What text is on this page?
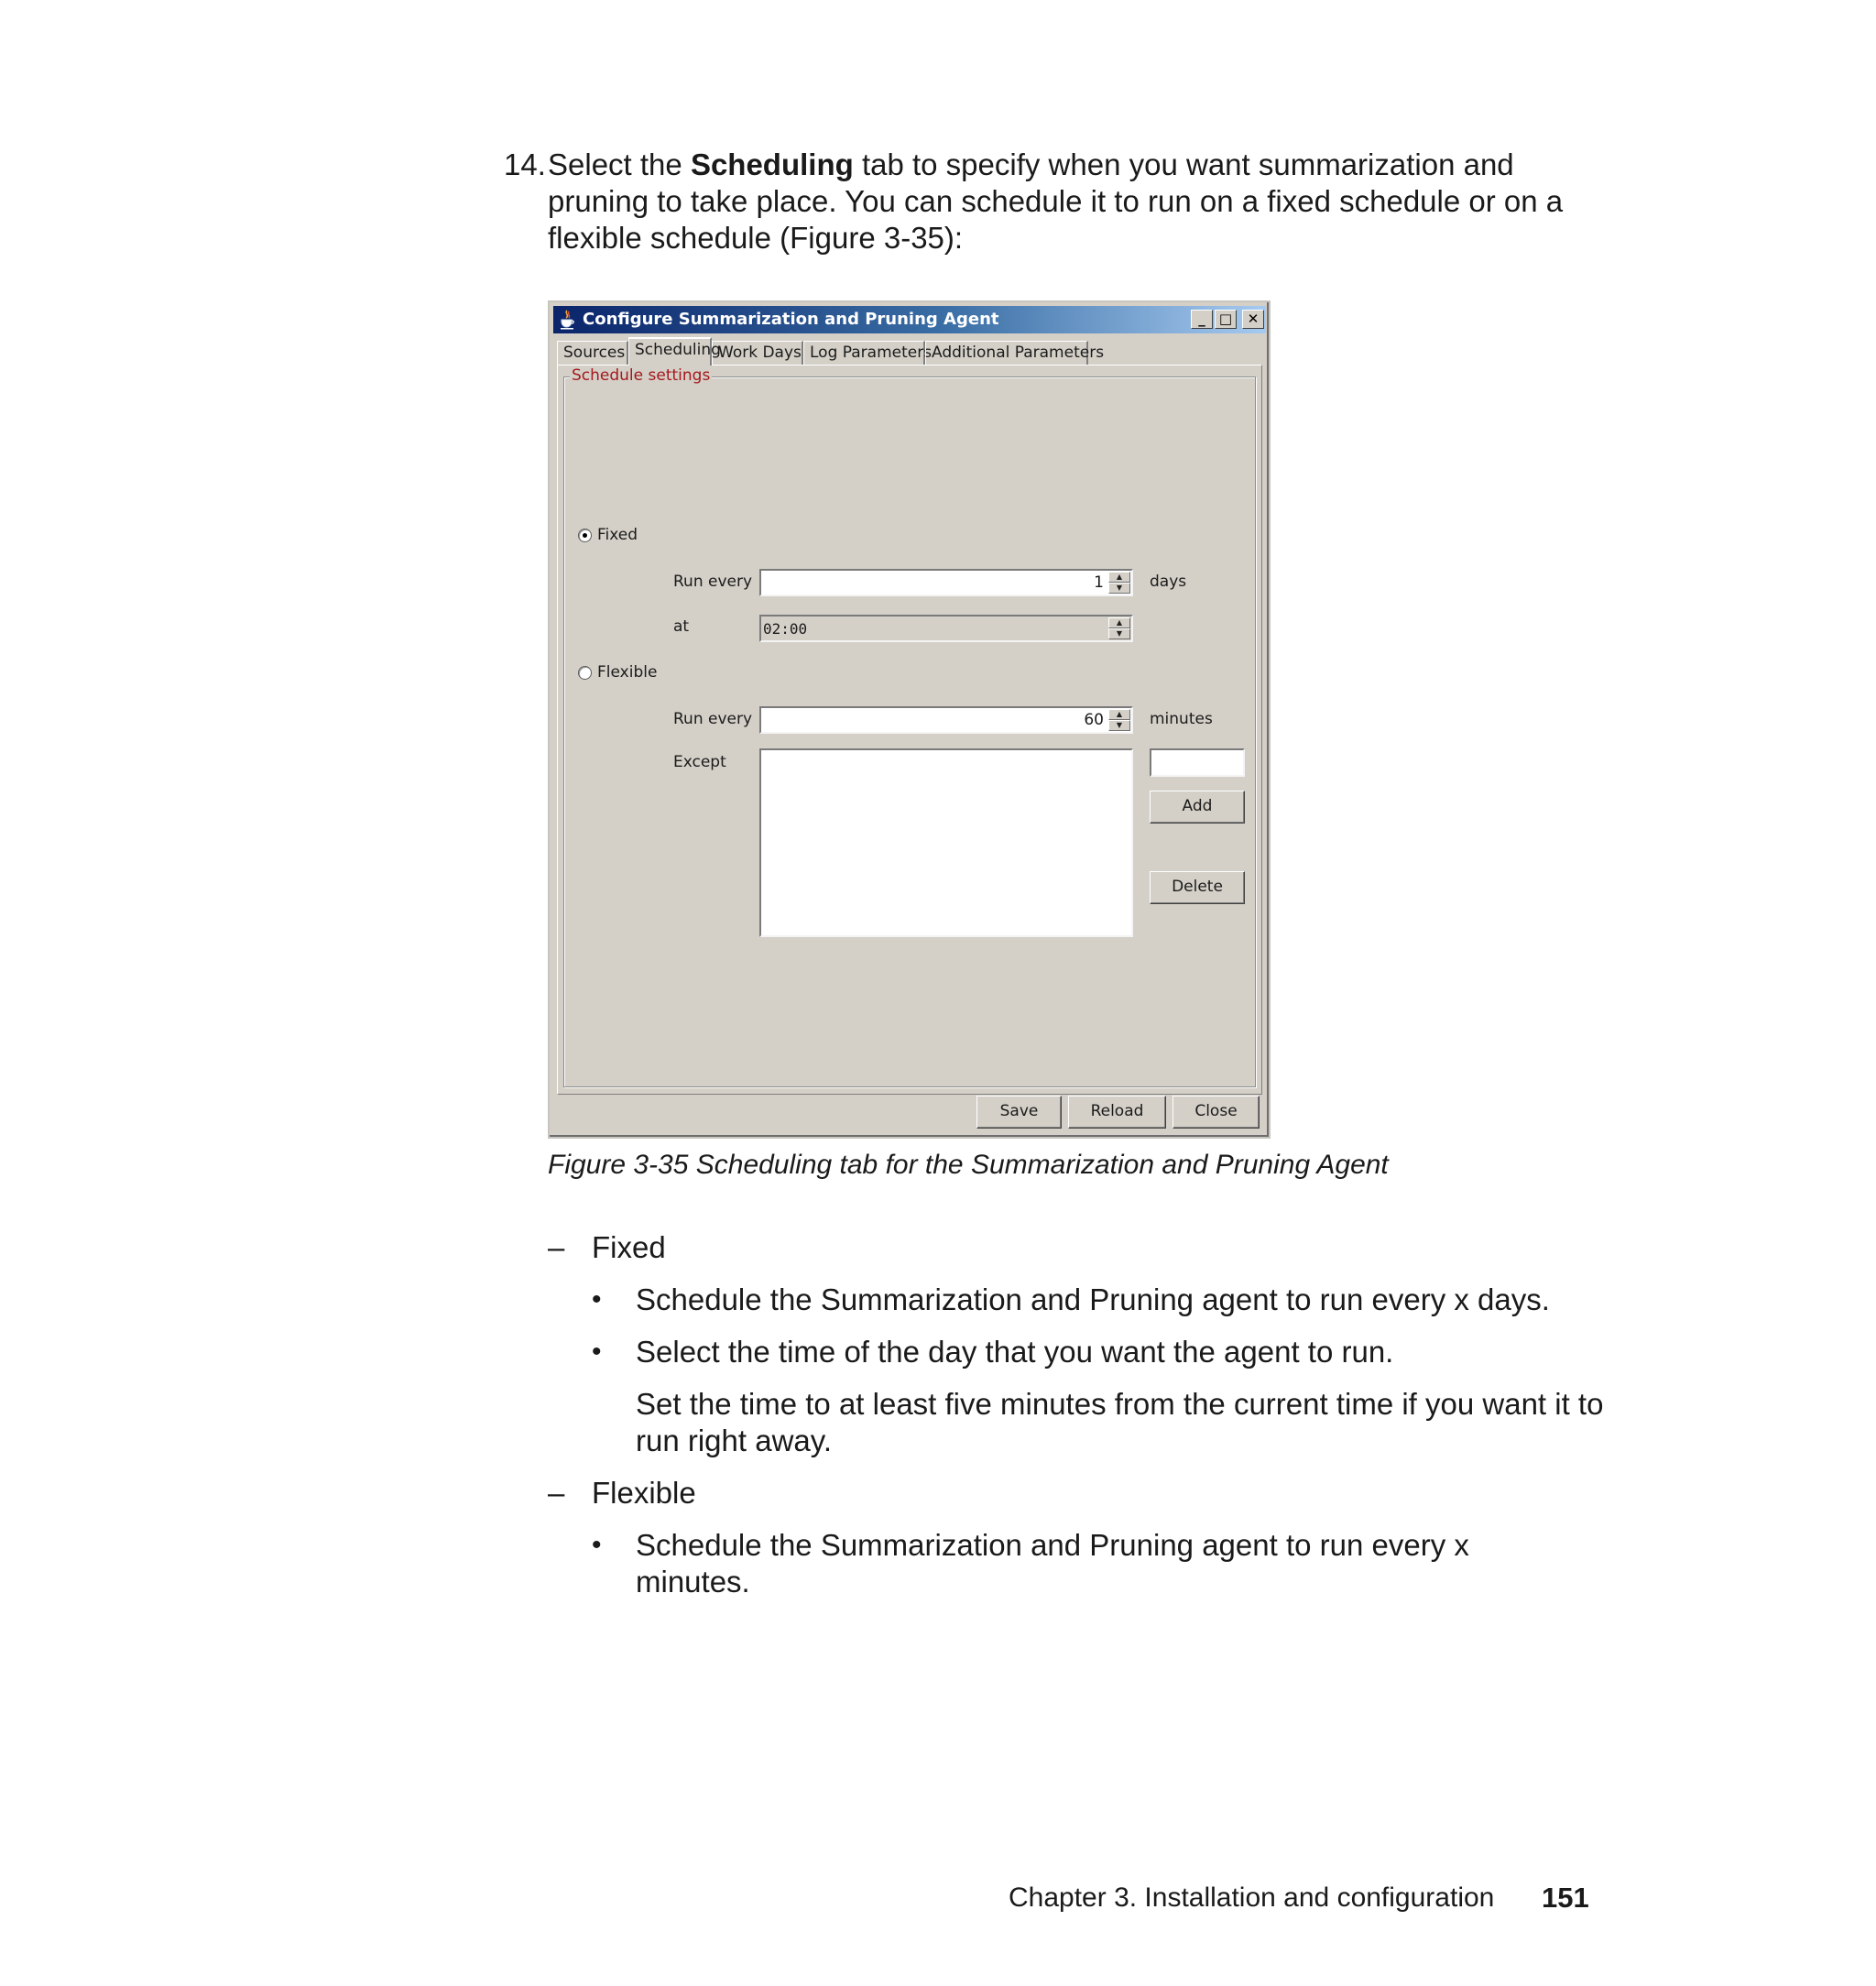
14. Select the Scheduling tab to specify when you want summarization and pruning to take place. You can schedule it to run on a fixed schedule or on a flexible schedule (Figure 3-35):
Configure Summarization and Pruning Agent	_	□	✕
Sources Scheduling
Work Days Log Parameters Additional Parameters
Schedule settings
Fixed
Run every	1	▲
▼	days
at	02:00	▲
▼
Flexible
Run every	60	▲
▼	minutes
Except
Add
Delete
Save	Reload	Close
Figure 3-35 Scheduling tab for the Summarization and Pruning Agent
– Fixed
• Schedule the Summarization and Pruning agent to run every x days.
• Select the time of the day that you want the agent to run.
Set the time to at least five minutes from the current time if you want it to run right away.
– Flexible
• Schedule the Summarization and Pruning agent to run every x minutes.
Chapter 3. Installation and configuration 151
